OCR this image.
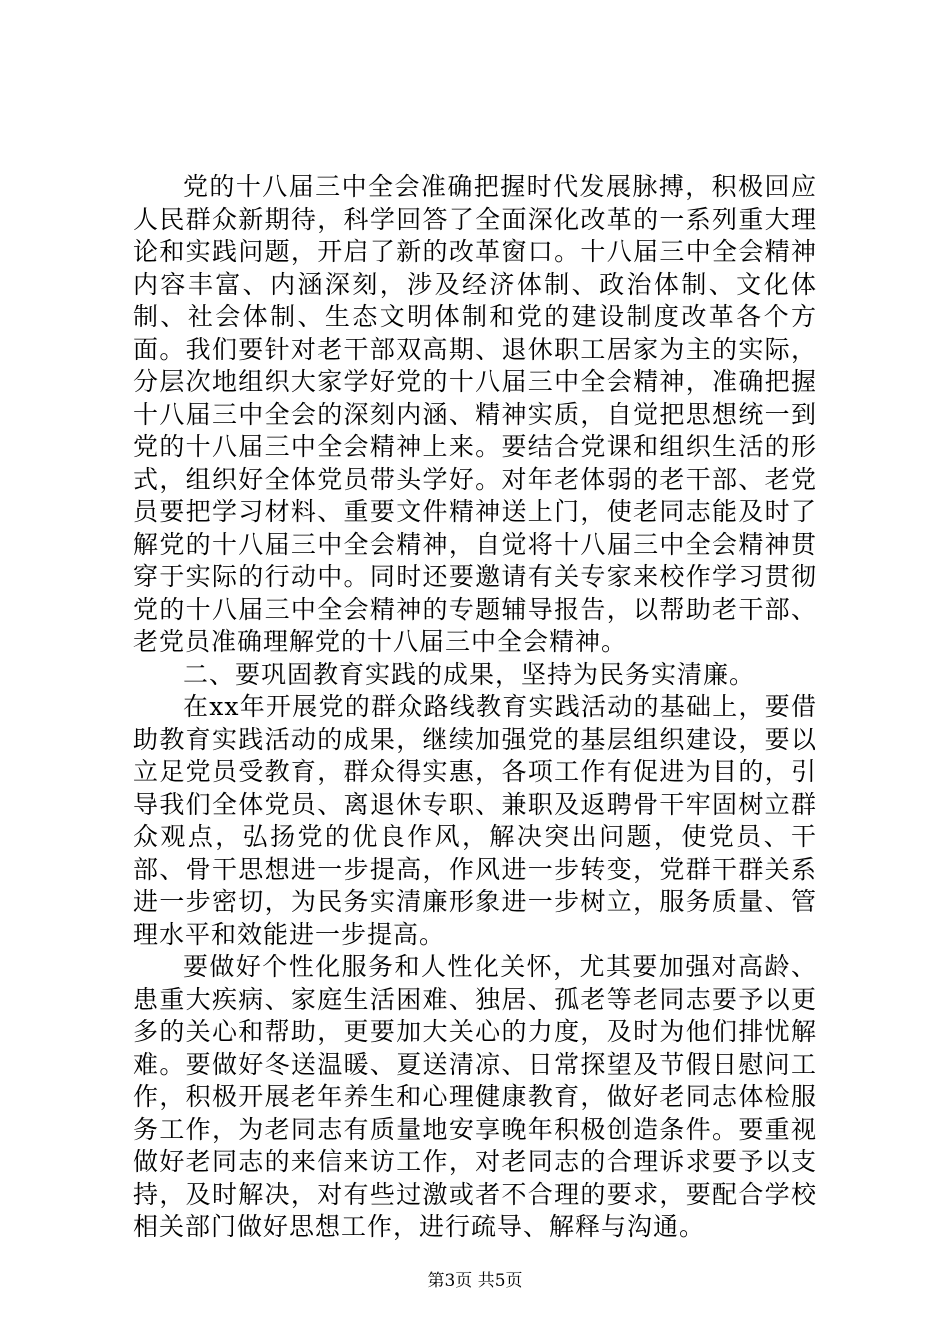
党的十八届三中全会准确把握时代发展脉搏，积极回应人民群众新期待，科学回答了全面深化改革的一系列重大理论和实践问题，开启了新的改革窗口。十八届三中全会精神内容丰富、内涵深刻，涉及经济体制、政治体制、文化体制、社会体制、生态文明体制和党的建设制度改革各个方面。我们要针对老干部双高期、退休职工居家为主的实际，分层次地组织大家学好党的十八届三中全会精神，准确把握十八届三中全会的深刻内涵、精神实质，自觉把思想统一到党的十八届三中全会精神上来。要结合党课和组织生活的形式，组织好全体党员带头学好。对年老体弱的老干部、老党员要把学习材料、重要文件精神送上门，使老同志能及时了解党的十八届三中全会精神，自觉将十八届三中全会精神贯穿于实际的行动中。同时还要邀请有关专家来校作学习贯彻党的十八届三中全会精神的专题辅导报告，以帮助老干部、老党员准确理解党的十八届三中全会精神。

二、要巩固教育实践的成果，坚持为民务实清廉。

在xx年开展党的群众路线教育实践活动的基础上，要借助教育实践活动的成果，继续加强党的基层组织建设，要以立足党员受教育，群众得实惠，各项工作有促进为目的，引导我们全体党员、离退休专职、兼职及返聘骨干牢固树立群众观点，弘扬党的优良作风，解决突出问题，使党员、干部、骨干思想进一步提高，作风进一步转变，党群干群关系进一步密切，为民务实清廉形象进一步树立，服务质量、管理水平和效能进一步提高。

要做好个性化服务和人性化关怀，尤其要加强对高龄、患重大疾病、家庭生活困难、独居、孤老等老同志要予以更多的关心和帮助，更要加大关心的力度，及时为他们排忧解难。要做好冬送温暖、夏送清凉、日常探望及节假日慰问工作，积极开展老年养生和心理健康教育，做好老同志体检服务工作，为老同志有质量地安享晚年积极创造条件。要重视做好老同志的来信来访工作，对老同志的合理诉求要予以支持，及时解决，对有些过激或者不合理的要求，要配合学校相关部门做好思想工作，进行疏导、解释与沟通。

第3页 共5页
